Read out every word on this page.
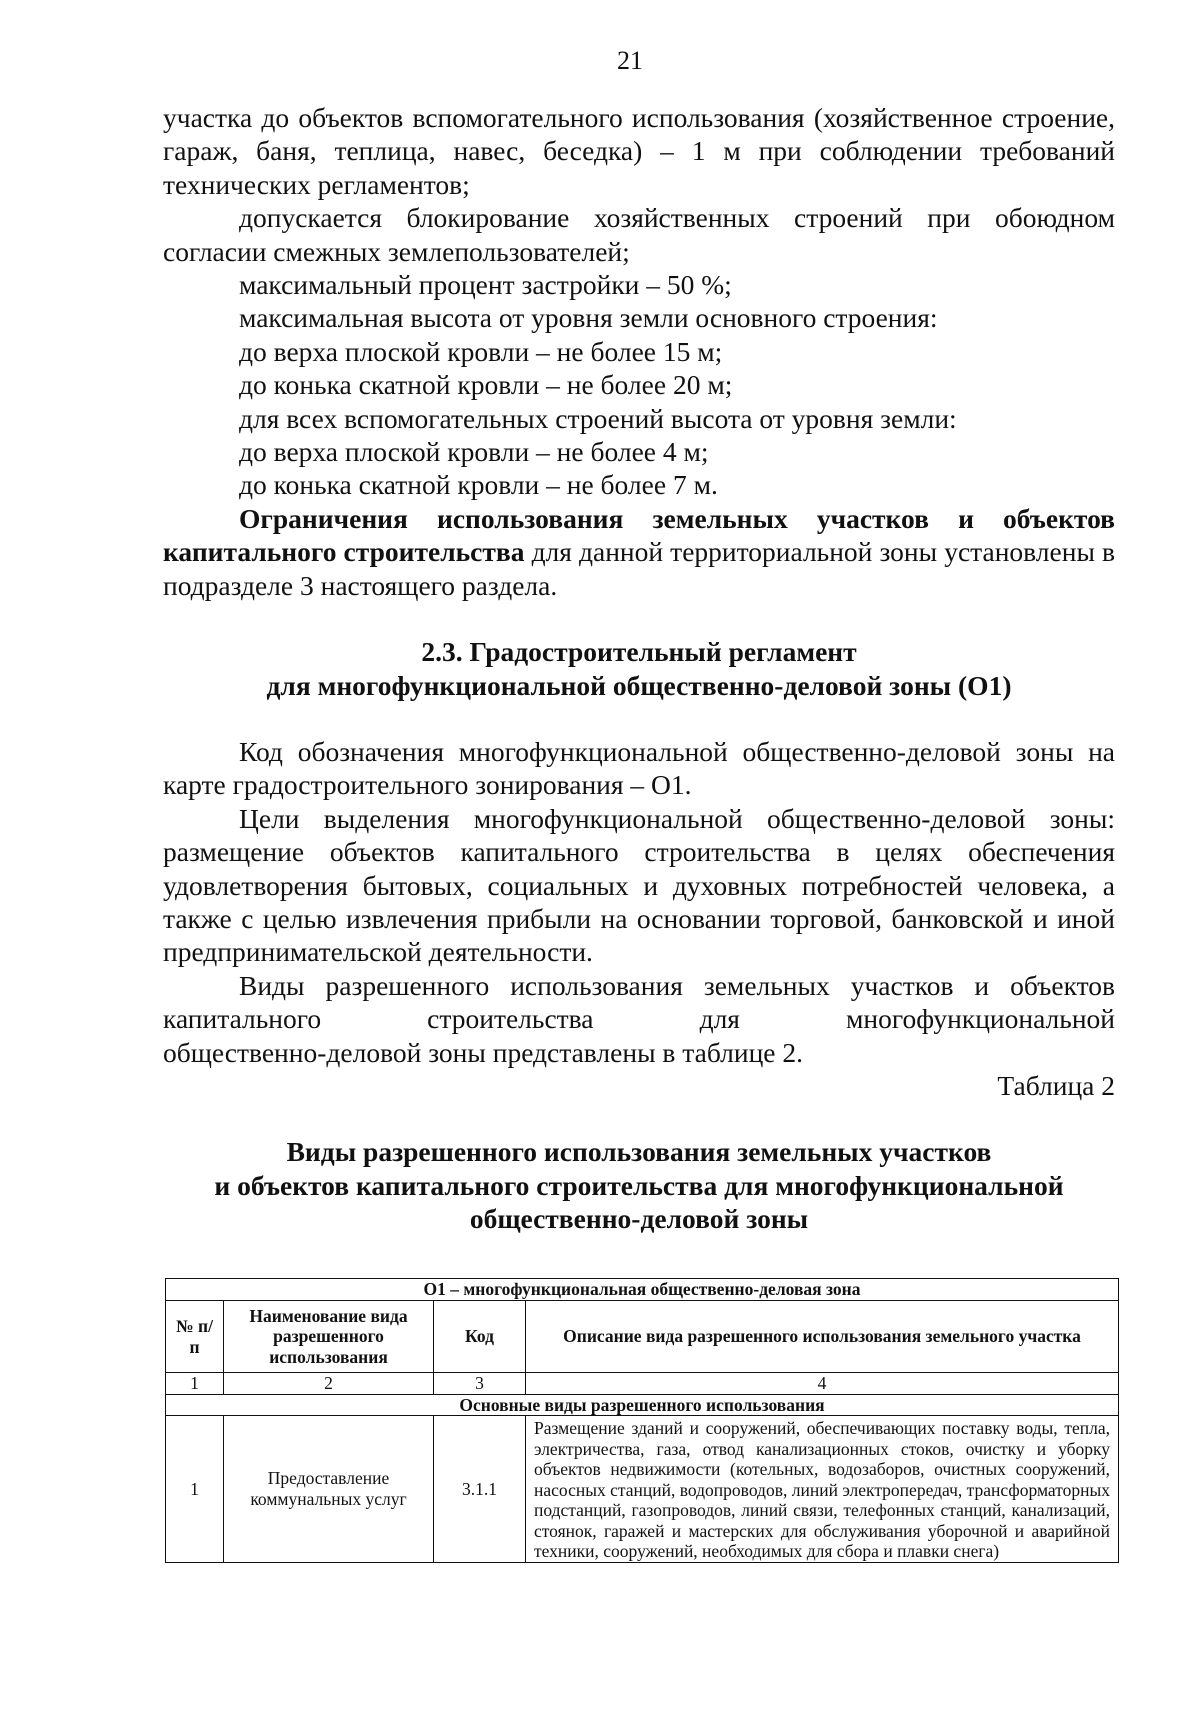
21

участка до объектов вспомогательного использования (хозяйственное строение, гараж, баня, теплица, навес, беседка) – 1 м при соблюдении требований технических регламентов;

допускается блокирование хозяйственных строений при обоюдном согласии смежных землепользователей;

максимальный процент застройки – 50 %;

максимальная высота от уровня земли основного строения:

до верха плоской кровли – не более 15 м;

до конька скатной кровли – не более 20 м;

для всех вспомогательных строений высота от уровня земли:

до верха плоской кровли – не более 4 м;

до конька скатной кровли – не более 7 м.

Ограничения использования земельных участков и объектов капитального строительства для данной территориальной зоны установлены в подразделе 3 настоящего раздела.

2.3. Градостроительный регламент

для многофункциональной общественно-деловой зоны (О1)

Код обозначения многофункциональной общественно-деловой зоны на карте градостроительного зонирования – О1.

Цели выделения многофункциональной общественно-деловой зоны: размещение объектов капитального строительства в целях обеспечения удовлетворения бытовых, социальных и духовных потребностей человека, а также с целью извлечения прибыли на основании торговой, банковской и иной предпринимательской деятельности.

Виды разрешенного использования земельных участков и объектов

капитального строительства для многофункциональной

общественно-деловой зоны представлены в таблице 2.

Таблица 2

Виды разрешенного использования земельных участков

и объектов капитального строительства для многофункциональной

общественно-деловой зоны

О1 – многофункциональная общественно-деловая зона			
№ п/п	Наименование вида разрешенного использования	Код	Описание вида разрешенного использования земельного участка
1	2	3	4
Основные виды разрешенного использования			
1	Предоставление коммунальных услуг	3.1.1	Размещение зданий и сооружений, обеспечивающих поставку воды, тепла, электричества, газа, отвод канализационных стоков, очистку и уборку объектов недвижимости (котельных, водозаборов, очистных сооружений, насосных станций, водопроводов, линий электропередач, трансформаторных подстанций, газопроводов, линий связи, телефонных станций, канализаций, стоянок, гаражей и мастерских для обслуживания уборочной и аварийной техники, сооружений, необходимых для сбора и плавки снега)
